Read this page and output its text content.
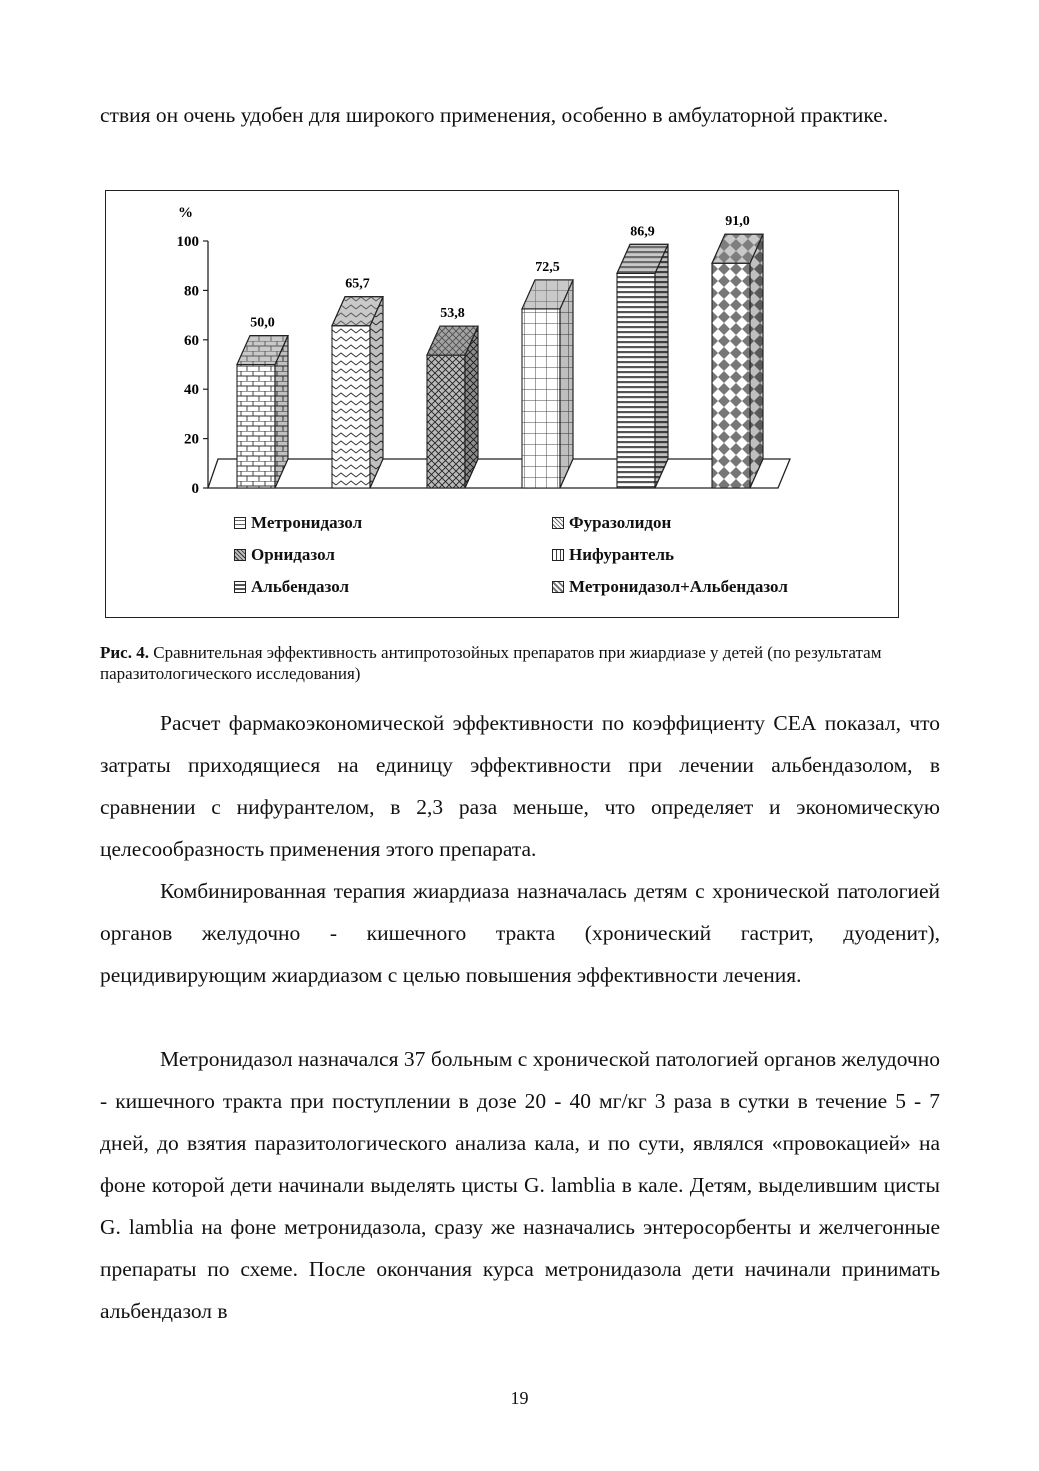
ствия он очень удобен для широкого применения, особенно в амбулаторной практике.

0
20
40
60
80
100
%
50,0
65,7
53,8
72,5
86,9
91,0
Метронидазол	Фуразолидон
Орнидазол	Нифурантель
Альбендазол	Метронидазол+Альбендазол
Рис. 4. Сравнительная эффективность антипротозойных препаратов при жиардиазе у детей (по результатам паразитологического исследования)

Расчет фармакоэкономической эффективности по коэффициенту СЕА показал, что затраты приходящиеся на единицу эффективности при лечении альбендазолом, в сравнении с нифурантелом, в 2,3 раза меньше, что определяет и экономическую целесообразность применения этого препарата.

Комбинированная терапия жиардиаза назначалась детям с хронической патологией органов желудочно - кишечного тракта (хронический гастрит, дуоденит), рецидивирующим жиардиазом с целью повышения эффективности лечения.

Метронидазол назначался 37 больным с хронической патологией органов желудочно - кишечного тракта при поступлении в дозе 20 - 40 мг/кг 3 раза в сутки в течение 5 - 7 дней, до взятия паразитологического анализа кала, и по сути, являлся «провокацией» на фоне которой дети начинали выделять цисты G. lamblia в кале. Детям, выделившим цисты G. lamblia на фоне метронидазола, сразу же назначались энтеросорбенты и желчегонные препараты по схеме. После окончания курса метронидазола дети начинали принимать альбендазол в

19
